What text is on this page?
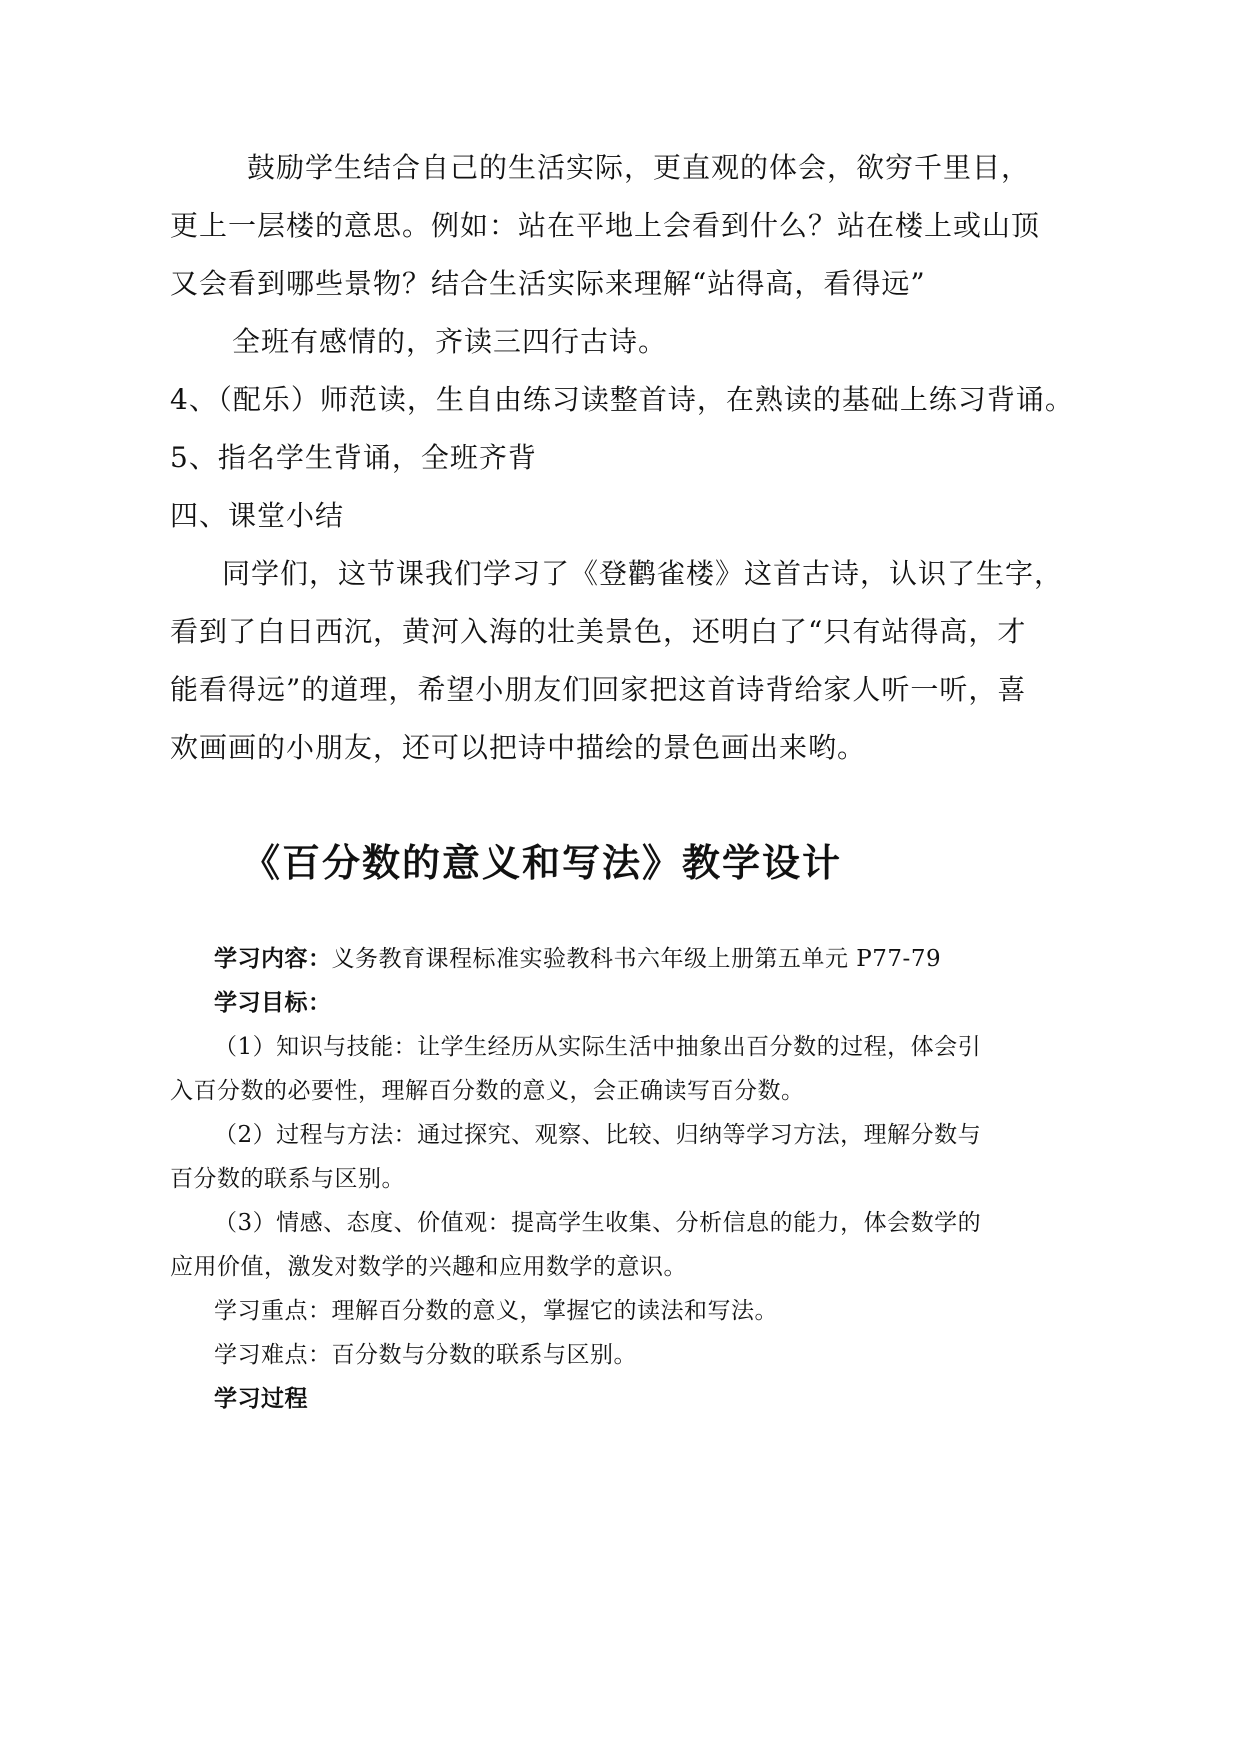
鼓励学生结合自己的生活实际，更直观的体会，欲穷千里目，

更上一层楼的意思。例如：站在平地上会看到什么？站在楼上或山顶

又会看到哪些景物？结合生活实际来理解“站得高，看得远”

全班有感情的，齐读三四行古诗。

4、（配乐）师范读，生自由练习读整首诗，在熟读的基础上练习背诵。

5、指名学生背诵，全班齐背

四、课堂小结

同学们，这节课我们学习了《登鹳雀楼》这首古诗，认识了生字，

看到了白日西沉，黄河入海的壮美景色，还明白了“只有站得高，才

能看得远”的道理，希望小朋友们回家把这首诗背给家人听一听，喜

欢画画的小朋友，还可以把诗中描绘的景色画出来哟。

《百分数的意义和写法》教学设计

学习内容：义务教育课程标准实验教科书六年级上册第五单元 P77-79

学习目标：

（1）知识与技能：让学生经历从实际生活中抽象出百分数的过程，体会引

入百分数的必要性，理解百分数的意义，会正确读写百分数。

（2）过程与方法：通过探究、观察、比较、归纳等学习方法，理解分数与

百分数的联系与区别。

（3）情感、态度、价值观：提高学生收集、分析信息的能力，体会数学的

应用价值，激发对数学的兴趣和应用数学的意识。

学习重点：理解百分数的意义，掌握它的读法和写法。

学习难点：百分数与分数的联系与区别。

学习过程
